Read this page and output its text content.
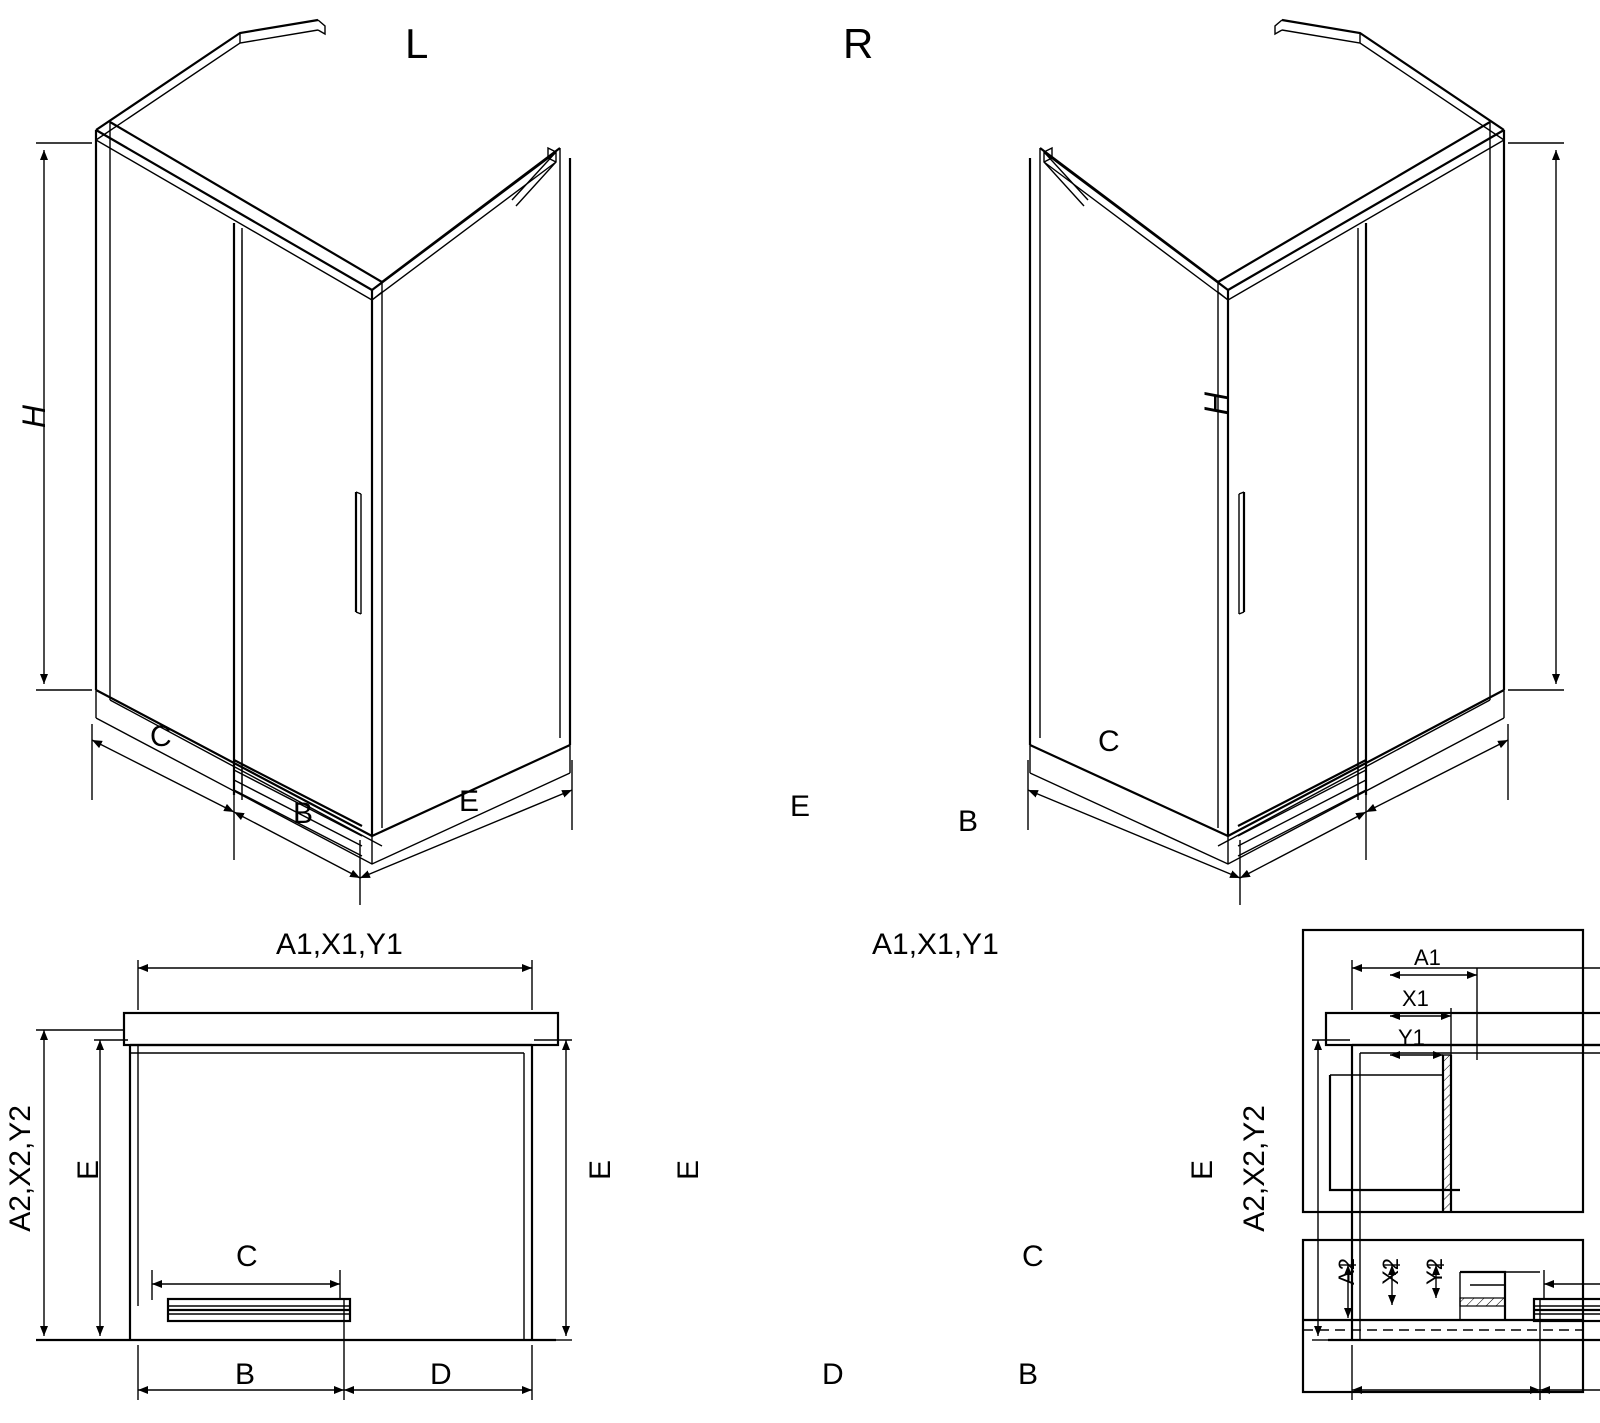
L	R
H
H
C
B	E	E	B
C
A1,X1,Y1	A1,X1,Y1
A2,X2,Y2 E	E
C
B	D
E	E A2,X2,Y2
C
D	B
A1
X1
Y1
A2 X2 Y2
